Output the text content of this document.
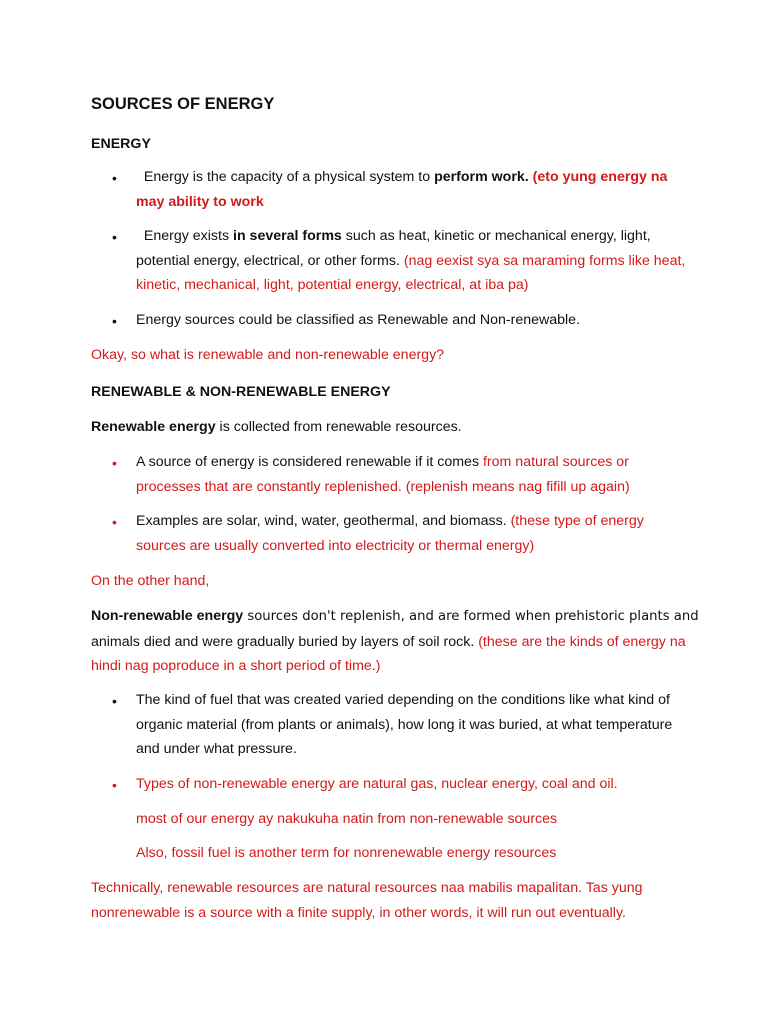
SOURCES OF ENERGY
ENERGY
• Energy is the capacity of a physical system to perform work. (eto yung energy na may ability to work
• Energy exists in several forms such as heat, kinetic or mechanical energy, light, potential energy, electrical, or other forms. (nag eexist sya sa maraming forms like heat, kinetic, mechanical, light, potential energy, electrical, at iba pa)
• Energy sources could be classified as Renewable and Non-renewable.
Okay, so what is renewable and non-renewable energy?
RENEWABLE & NON-RENEWABLE ENERGY
Renewable energy is collected from renewable resources.
• A source of energy is considered renewable if it comes from natural sources or processes that are constantly replenished. (replenish means nag fifill up again)
• Examples are solar, wind, water, geothermal, and biomass. (these type of energy sources are usually converted into electricity or thermal energy)
On the other hand,
Non-renewable energy sources don't replenish, and are formed when prehistoric plants and
animals died and were gradually buried by layers of soil rock. (these are the kinds of energy na hindi nag poproduce in a short period of time.)
• The kind of fuel that was created varied depending on the conditions like what kind of organic material (from plants or animals), how long it was buried, at what temperature and under what pressure.
• Types of non-renewable energy are natural gas, nuclear energy, coal and oil.
most of our energy ay nakukuha natin from non-renewable sources
Also, fossil fuel is another term for nonrenewable energy resources
Technically, renewable resources are natural resources naa mabilis mapalitan. Tas yung nonrenewable is a source with a finite supply, in other words, it will run out eventually.
